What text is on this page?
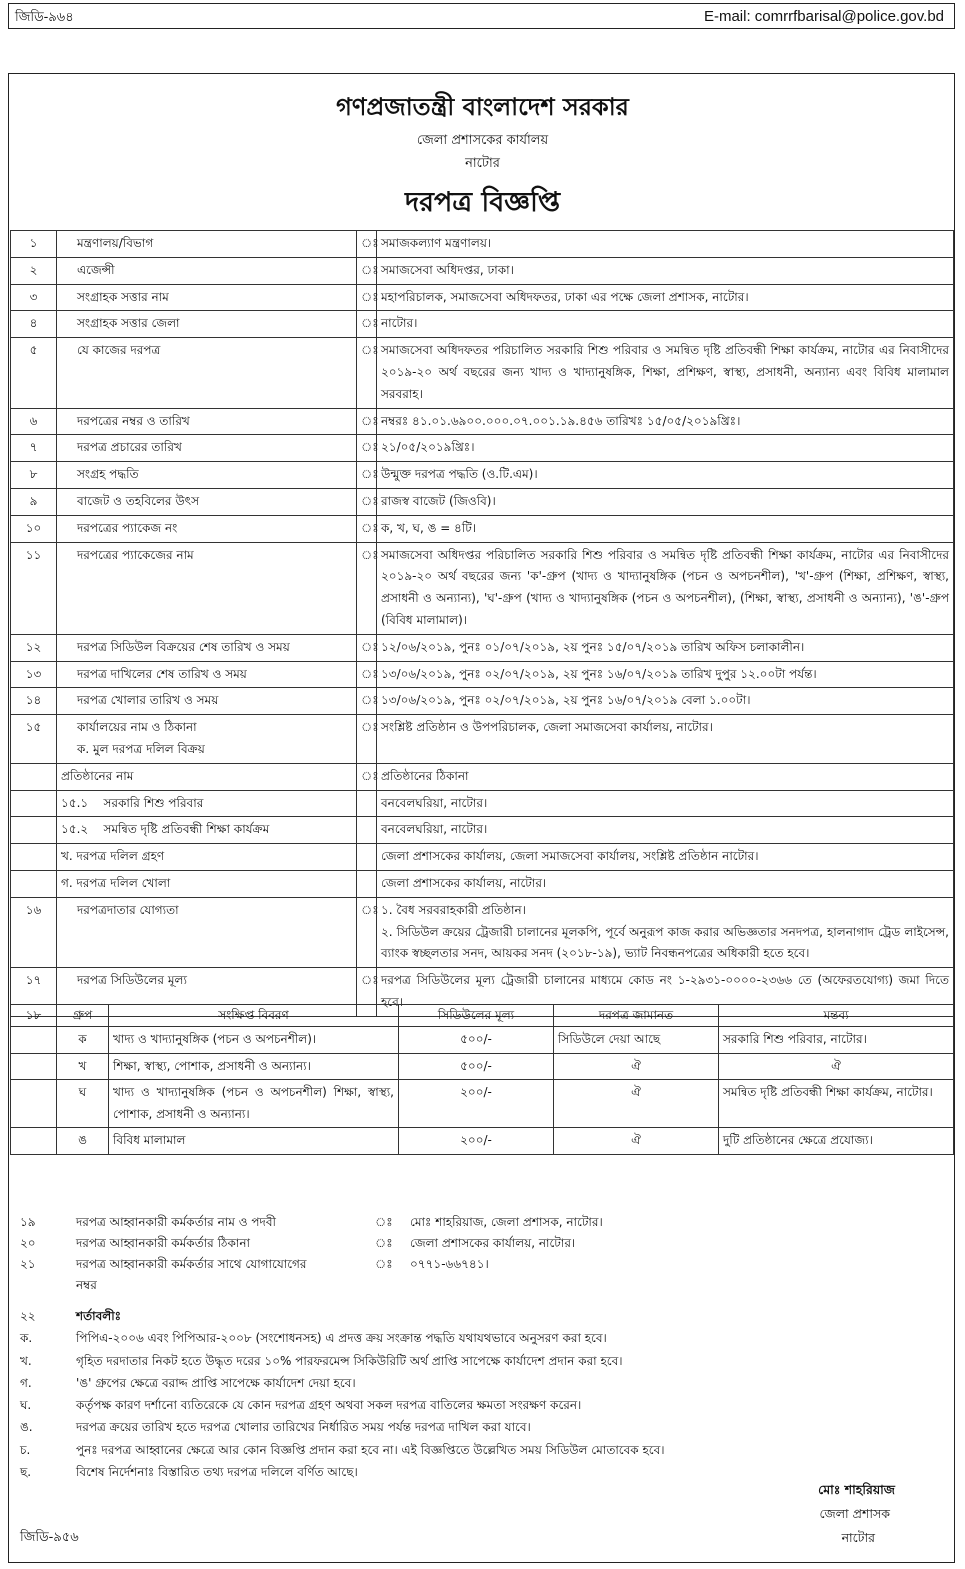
জিডি-৯৬৪	E-mail: comrrfbarisal@police.gov.bd
গণপ্রজাতন্ত্রী বাংলাদেশ সরকার
জেলা প্রশাসকের কার্যালয়
নাটোর
দরপত্র বিজ্ঞপ্তি
১	মন্ত্রণালয়/বিভাগ	ঃ	সমাজকল্যাণ মন্ত্রণালয়।
২	এজেন্সী	ঃ	সমাজসেবা অধিদপ্তর, ঢাকা।
৩	সংগ্রাহক সত্তার নাম	ঃ	মহাপরিচালক, সমাজসেবা অধিদফতর, ঢাকা এর পক্ষে জেলা প্রশাসক, নাটোর।
৪	সংগ্রাহক সত্তার জেলা	ঃ	নাটোর।
৫	যে কাজের দরপত্র	ঃ	সমাজসেবা অধিদফতর পরিচালিত সরকারি শিশু পরিবার ও সমন্বিত দৃষ্টি প্রতিবন্ধী শিক্ষা কার্যক্রম, নাটোর এর নিবাসীদের ২০১৯-২০ অর্থ বছরের জন্য খাদ্য ও খাদ্যানুষঙ্গিক, শিক্ষা, প্রশিক্ষণ, স্বাস্থ্য, প্রসাধনী, অন্যান্য এবং বিবিধ মালামাল সরবরাহ।
৬	দরপত্রের নম্বর ও তারিখ	ঃ	নম্বরঃ ৪১.০১.৬৯০০.০০০.০৭.০০১.১৯.৪৫৬ তারিখঃ ১৫/০৫/২০১৯খ্রিঃ।
৭	দরপত্র প্রচারের তারিখ	ঃ	২১/০৫/২০১৯খ্রিঃ।
৮	সংগ্রহ পদ্ধতি	ঃ	উন্মুক্ত দরপত্র পদ্ধতি (ও.টি.এম)।
৯	বাজেট ও তহবিলের উৎস	ঃ	রাজস্ব বাজেট (জিওবি)।
১০	দরপত্রের প্যাকেজ নং	ঃ	ক, খ, ঘ, ঙ = ৪টি।
১১	দরপত্রের প্যাকেজের নাম	ঃ	সমাজসেবা অধিদপ্তর পরিচালিত সরকারি শিশু পরিবার ও সমন্বিত দৃষ্টি প্রতিবন্ধী শিক্ষা কার্যক্রম, নাটোর এর নিবাসীদের ২০১৯-২০ অর্থ বছরের জন্য 'ক'-গ্রুপ (খাদ্য ও খাদ্যানুষঙ্গিক (পচন ও অপচনশীল), 'খ'-গ্রুপ (শিক্ষা, প্রশিক্ষণ, স্বাস্থ্য, প্রসাধনী ও অন্যান্য), 'ঘ'-গ্রুপ (খাদ্য ও খাদ্যানুষঙ্গিক (পচন ও অপচনশীল), (শিক্ষা, স্বাস্থ্য, প্রসাধনী ও অন্যান্য), 'ঙ'-গ্রুপ (বিবিধ মালামাল)।
১২	দরপত্র সিডিউল বিক্রয়ের শেষ তারিখ ও সময়	ঃ	১২/০৬/২০১৯, পুনঃ ০১/০৭/২০১৯, ২য় পুনঃ ১৫/০৭/২০১৯ তারিখ অফিস চলাকালীন।
১৩	দরপত্র দাখিলের শেষ তারিখ ও সময়	ঃ	১৩/০৬/২০১৯, পুনঃ ০২/০৭/২০১৯, ২য় পুনঃ ১৬/০৭/২০১৯ তারিখ দুপুর ১২.০০টা পর্যন্ত।
১৪	দরপত্র খোলার তারিখ ও সময়	ঃ	১৩/০৬/২০১৯, পুনঃ ০২/০৭/২০১৯, ২য় পুনঃ ১৬/০৭/২০১৯ বেলা ১.০০টা।
১৫	কার্যালয়ের নাম ও ঠিকানা
ক. মুল দরপত্র দলিল বিক্রয়	ঃ	সংশ্লিষ্ট প্রতিষ্ঠান ও উপপরিচালক, জেলা সমাজসেবা কার্যালয়, নাটোর।
	প্রতিষ্ঠানের নাম	ঃ	প্রতিষ্ঠানের ঠিকানা
	১৫.১ সরকারি শিশু পরিবার		বনবেলঘরিয়া, নাটোর।
	১৫.২ সমন্বিত দৃষ্টি প্রতিবন্ধী শিক্ষা কার্যক্রম		বনবেলঘরিয়া, নাটোর।
	খ. দরপত্র দলিল গ্রহণ		জেলা প্রশাসকের কার্যালয়, জেলা সমাজসেবা কার্যালয়, সংশ্লিষ্ট প্রতিষ্ঠান নাটোর।
	গ. দরপত্র দলিল খোলা		জেলা প্রশাসকের কার্যালয়, নাটোর।
১৬	দরপত্রদাতার যোগ্যতা	ঃ	১. বৈধ সরবরাহকারী প্রতিষ্ঠান।
২. সিডিউল ক্রয়ের ট্রেজারী চালানের মূলকপি, পূর্বে অনুরূপ কাজ করার অভিজ্ঞতার সনদপত্র, হালনাগাদ ট্রেড লাইসেন্স, ব্যাংক স্বচ্ছলতার সনদ, আয়কর সনদ (২০১৮-১৯), ভ্যাট নিবন্ধনপত্রের অধিকারী হতে হবে।

১৭	দরপত্র সিডিউলের মূল্য	ঃ	দরপত্র সিডিউলের মূল্য ট্রেজারী চালানের মাধ্যমে কোড নং ১-২৯৩১-০০০০-২৩৬৬ তে (অফেরতযোগ্য) জমা দিতে হবে।
১৮	গ্রুপ	সংক্ষিপ্ত বিবরণ	সিডিউলের মূল্য	দরপত্র জামানত	মন্তব্য
	ক	খাদ্য ও খাদ্যানুষঙ্গিক (পচন ও অপচনশীল)।	৫০০/-	সিডিউলে দেয়া আছে	সরকারি শিশু পরিবার, নাটোর।
	খ	শিক্ষা, স্বাস্থ্য, পোশাক, প্রসাধনী ও অন্যান্য।	৫০০/-	ঐ	ঐ
	ঘ	খাদ্য ও খাদ্যানুষঙ্গিক (পচন ও অপচনশীল) শিক্ষা, স্বাস্থ্য, পোশাক, প্রসাধনী ও অন্যান্য।	২০০/-	ঐ	সমন্বিত দৃষ্টি প্রতিবন্ধী শিক্ষা কার্যক্রম, নাটোর।
	ঙ	বিবিধ মালামাল	২০০/-	ঐ	দুটি প্রতিষ্ঠানের ক্ষেত্রে প্রযোজ্য।
১৯	দরপত্র আহ্বানকারী কর্মকর্তার নাম ও পদবী	ঃ মোঃ শাহরিয়াজ, জেলা প্রশাসক, নাটোর।
২০	দরপত্র আহ্বানকারী কর্মকর্তার ঠিকানা	ঃ জেলা প্রশাসকের কার্যালয়, নাটোর।
২১	দরপত্র আহ্বানকারী কর্মকর্তার সাথে যোগাযোগের	ঃ ০৭৭১-৬৬৭৪১।
নম্বর
২২	শর্তাবলীঃ
ক.	পিপিএ-২০০৬ এবং পিপিআর-২০০৮ (সংশোধনসহ) এ প্রদত্ত ক্রয় সংক্রান্ত পদ্ধতি যথাযথভাবে অনুসরণ করা হবে।
খ.	গৃহিত দরদাতার নিকট হতে উদ্ধৃত দরের ১০% পারফরমেন্স সিকিউরিটি অর্থ প্রাপ্তি সাপেক্ষে কার্যাদেশ প্রদান করা হবে।
গ.	'ঙ' গ্রুপের ক্ষেত্রে বরাদ্দ প্রাপ্তি সাপেক্ষে কার্যাদেশ দেয়া হবে।
ঘ.	কর্তৃপক্ষ কারণ দর্শানো ব্যতিরেকে যে কোন দরপত্র গ্রহণ অথবা সকল দরপত্র বাতিলের ক্ষমতা সংরক্ষণ করেন।
ঙ.	দরপত্র ক্রয়ের তারিখ হতে দরপত্র খোলার তারিখের নির্ধারিত সময় পর্যন্ত দরপত্র দাখিল করা যাবে।
চ.	পুনঃ দরপত্র আহ্বানের ক্ষেত্রে আর কোন বিজ্ঞপ্তি প্রদান করা হবে না। এই বিজ্ঞপ্তিতে উল্লেখিত সময় সিডিউল মোতাবেক হবে।
ছ.	বিশেষ নির্দেশনাঃ বিস্তারিত তথ্য দরপত্র দলিলে বর্ণিত আছে।
মোঃ শাহরিয়াজ
জেলা প্রশাসক
নাটোর
জিডি-৯৫৬
